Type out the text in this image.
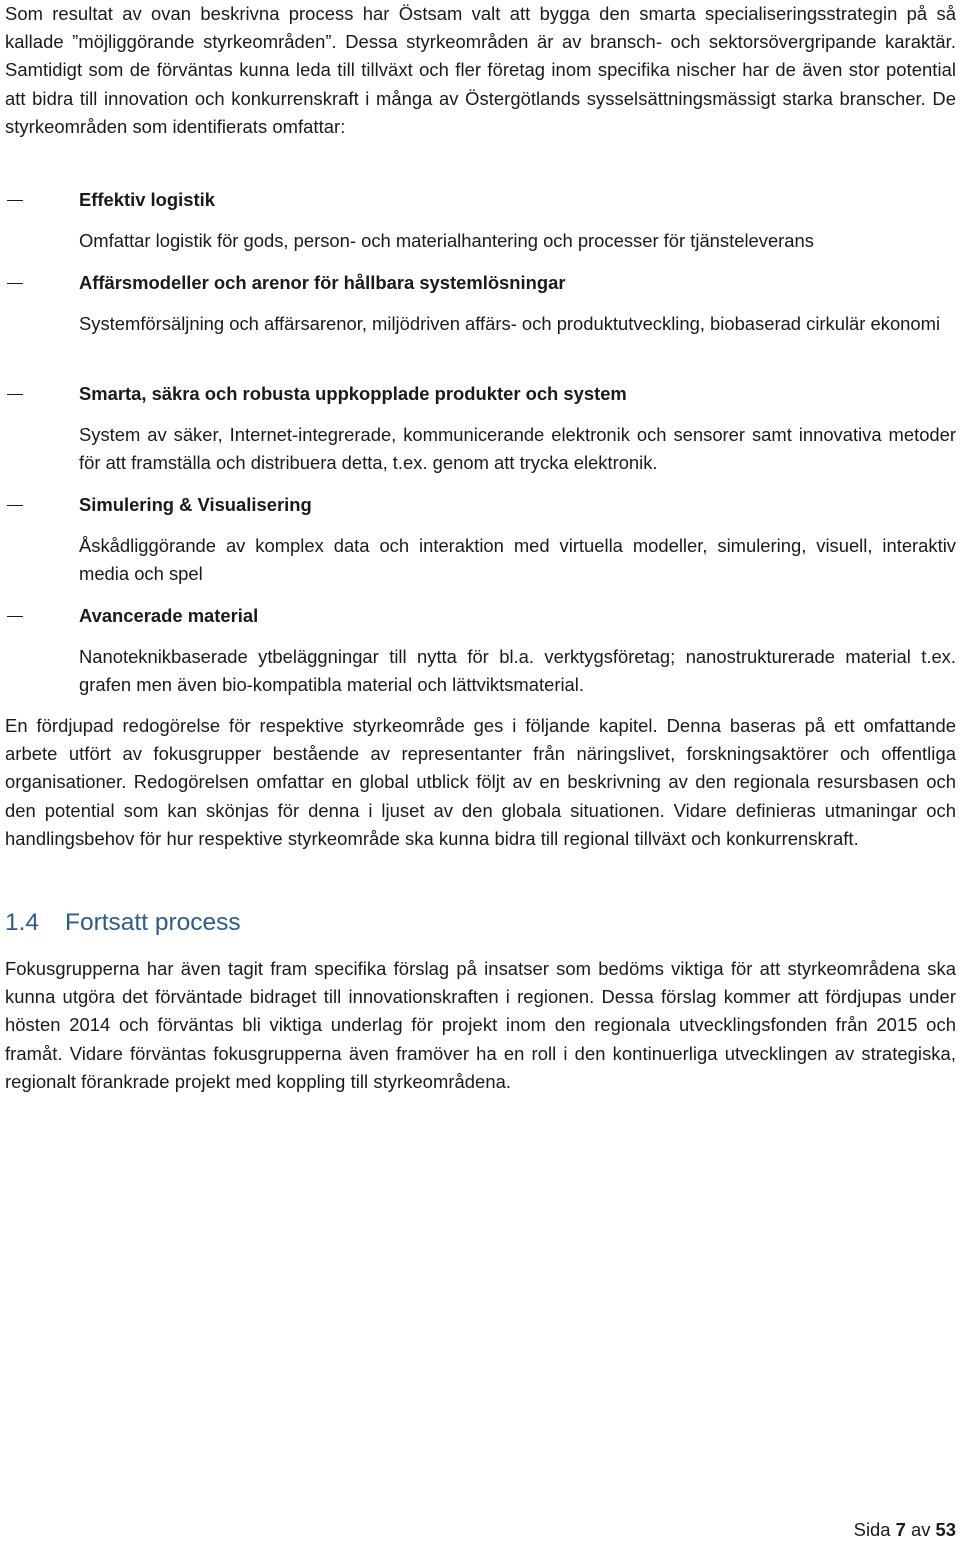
Som resultat av ovan beskrivna process har Östsam valt att bygga den smarta specialiseringsstrategin på så kallade ”möjliggörande styrkeområden”. Dessa styrkeområden är av bransch- och sektorsövergripande karaktär. Samtidigt som de förväntas kunna leda till tillväxt och fler företag inom specifika nischer har de även stor potential att bidra till innovation och konkurrenskraft i många av Östergötlands sysselsättningsmässigt starka branscher. De styrkeområden som identifierats omfattar:

Effektiv logistik

Omfattar logistik för gods, person- och materialhantering och processer för tjänsteleverans

Affärsmodeller och arenor för hållbara systemlösningar

Systemförsäljning och affärsarenor, miljödriven affärs- och produktutveckling, biobaserad cirkulär ekonomi

Smarta, säkra och robusta uppkopplade produkter och system

System av säker, Internet-integrerade, kommunicerande elektronik och sensorer samt innovativa metoder för att framställa och distribuera detta, t.ex. genom att trycka elektronik.

Simulering & Visualisering

Åskådliggörande av komplex data och interaktion med virtuella modeller, simulering, visuell, interaktiv media och spel

Avancerade material

Nanoteknikbaserade ytbeläggningar till nytta för bl.a. verktygsföretag; nanostrukturerade material t.ex. grafen men även bio-kompatibla material och lättviktsmaterial.

En fördjupad redogörelse för respektive styrkeområde ges i följande kapitel. Denna baseras på ett omfattande arbete utfört av fokusgrupper bestående av representanter från näringslivet, forskningsaktörer och offentliga organisationer. Redogörelsen omfattar en global utblick följt av en beskrivning av den regionala resursbasen och den potential som kan skönjas för denna i ljuset av den globala situationen. Vidare definieras utmaningar och handlingsbehov för hur respektive styrkeområde ska kunna bidra till regional tillväxt och konkurrenskraft.

1.4 Fortsatt process

Fokusgrupperna har även tagit fram specifika förslag på insatser som bedöms viktiga för att styrkeområdena ska kunna utgöra det förväntade bidraget till innovationskraften i regionen. Dessa förslag kommer att fördjupas under hösten 2014 och förväntas bli viktiga underlag för projekt inom den regionala utvecklingsfonden från 2015 och framåt. Vidare förväntas fokusgrupperna även framöver ha en roll i den kontinuerliga utvecklingen av strategiska, regionalt förankrade projekt med koppling till styrkeområdena.

Sida 7 av 53
